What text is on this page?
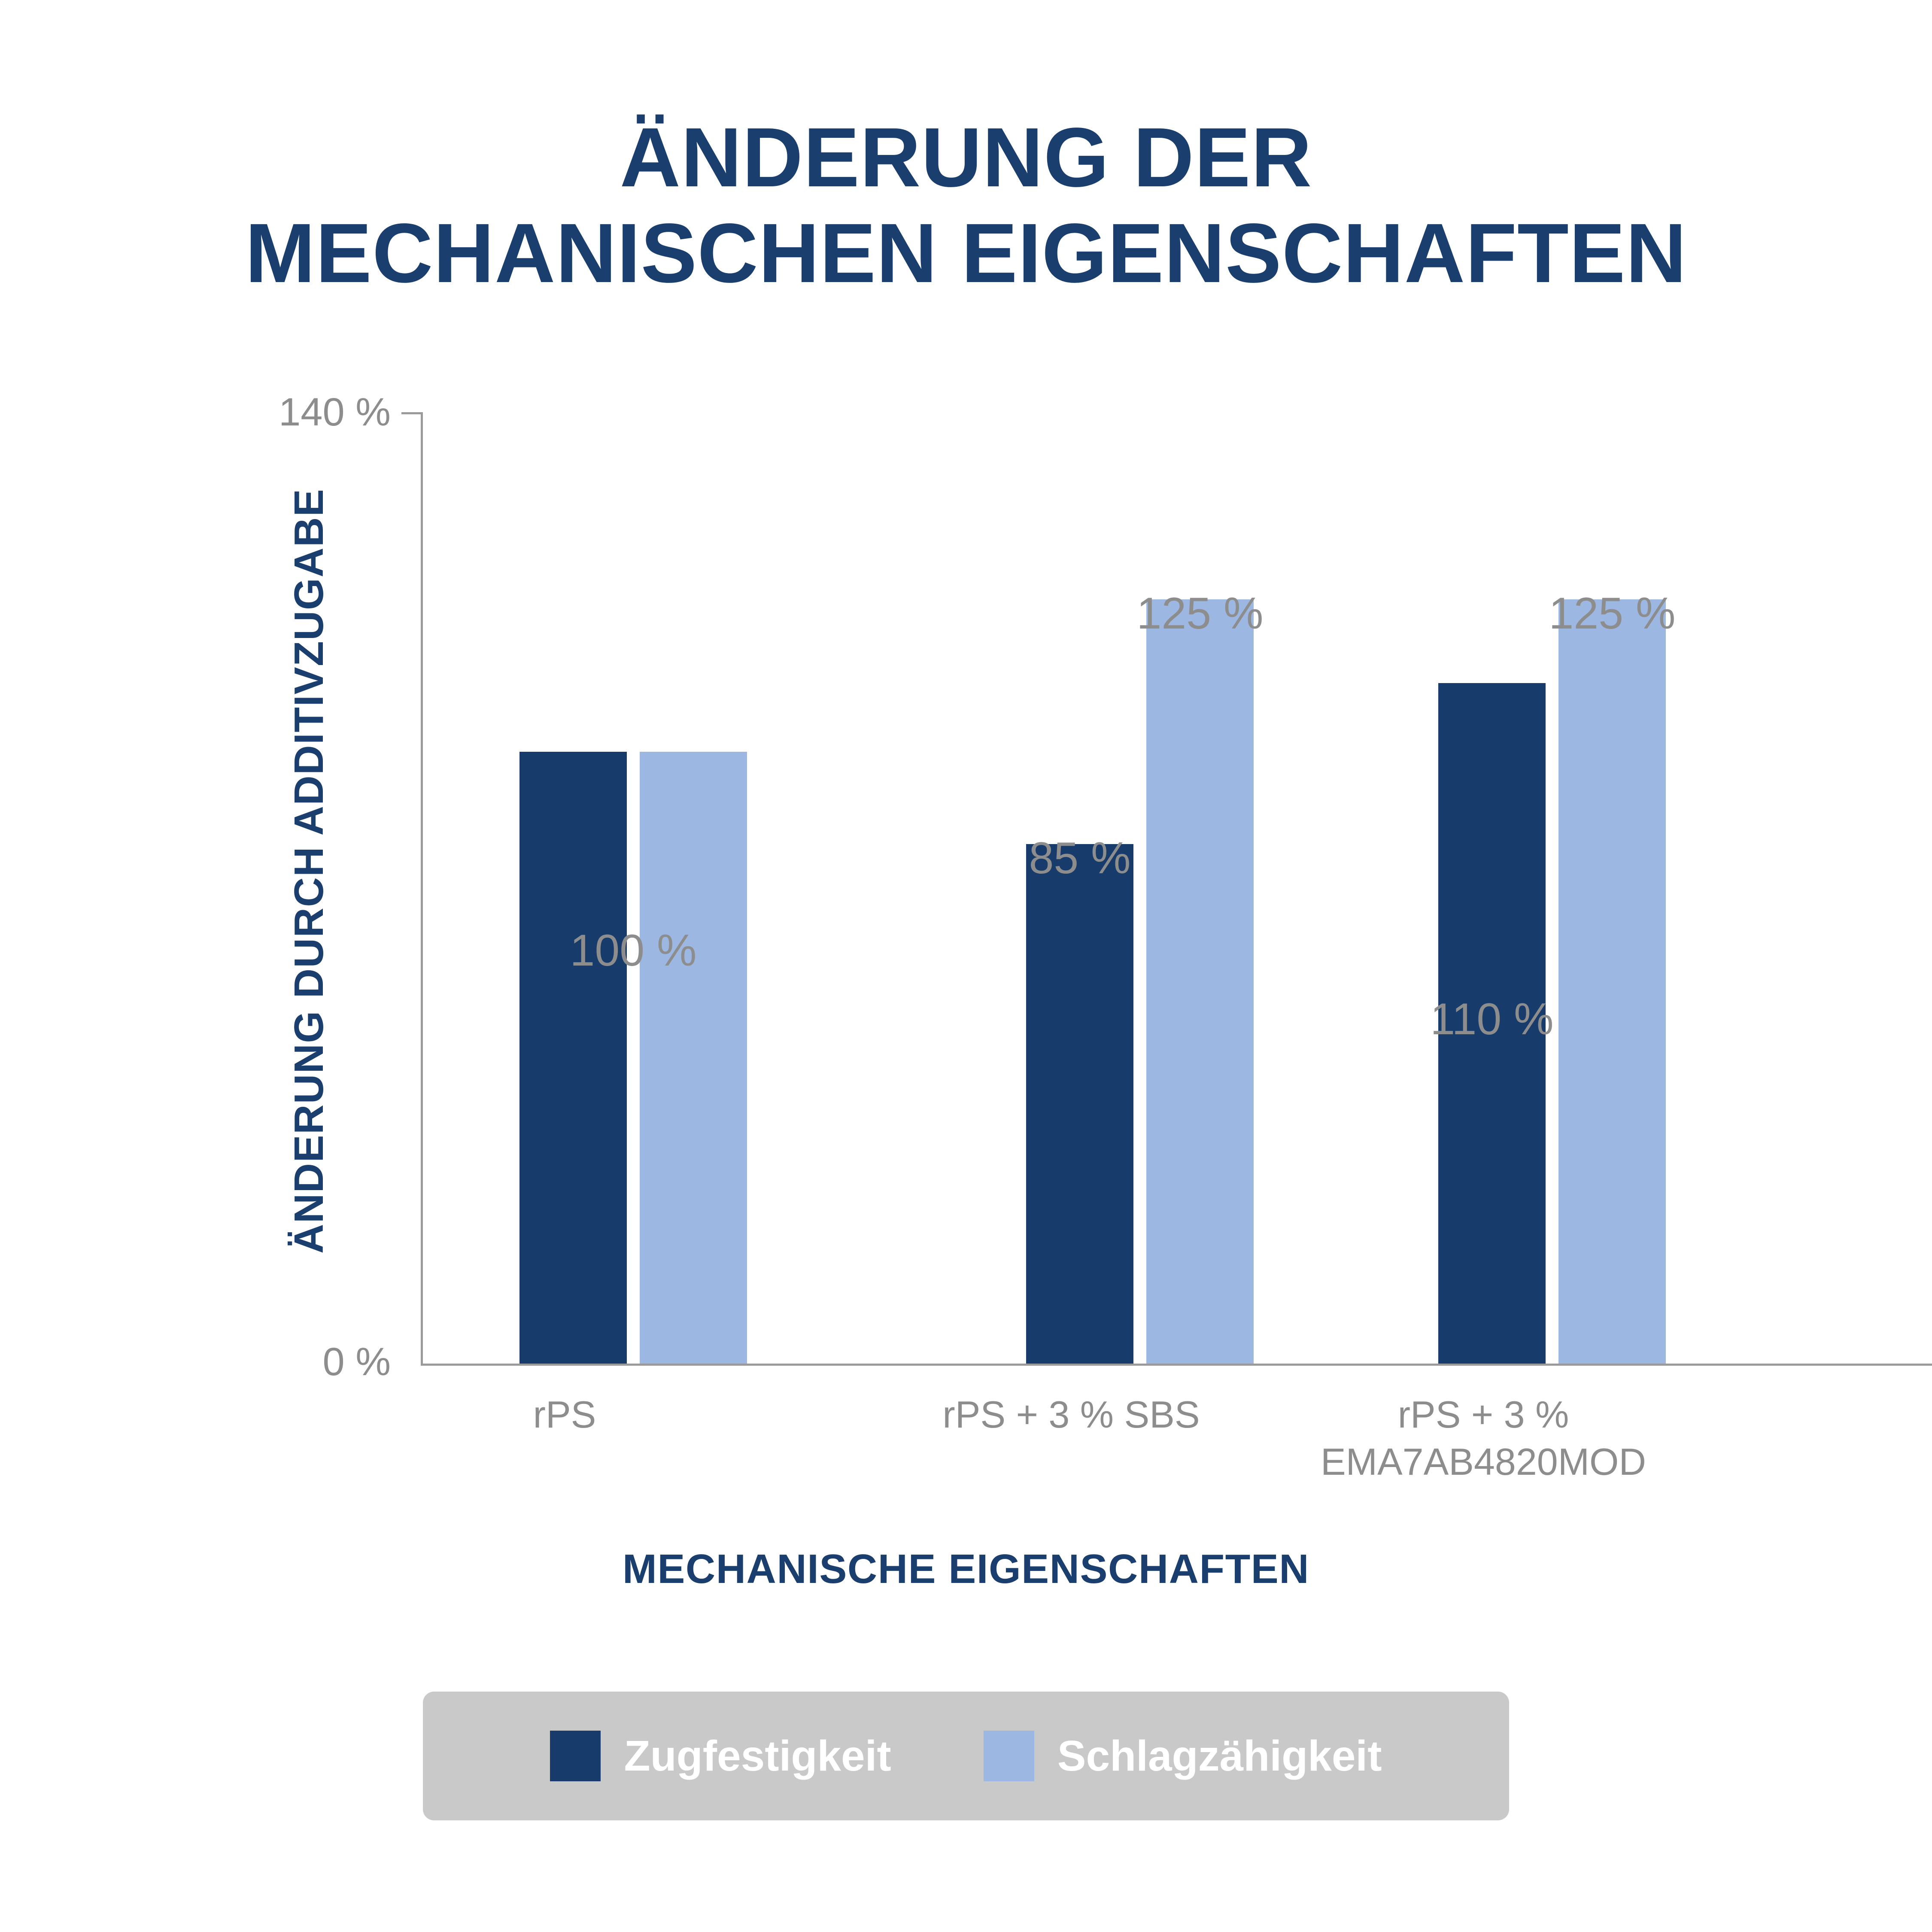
ÄNDERUNG DER
MECHANISCHEN EIGENSCHAFTEN
ÄNDERUNG DURCH ADDITIVZUGABE
140 %
0 %
100 %
85 %
125 %
110 %
125 %
rPS	rPS + 3 % SBS	rPS + 3 %
EMA7AB4820MOD
MECHANISCHE EIGENSCHAFTEN
Zugfestigkeit	Schlagzähigkeit
